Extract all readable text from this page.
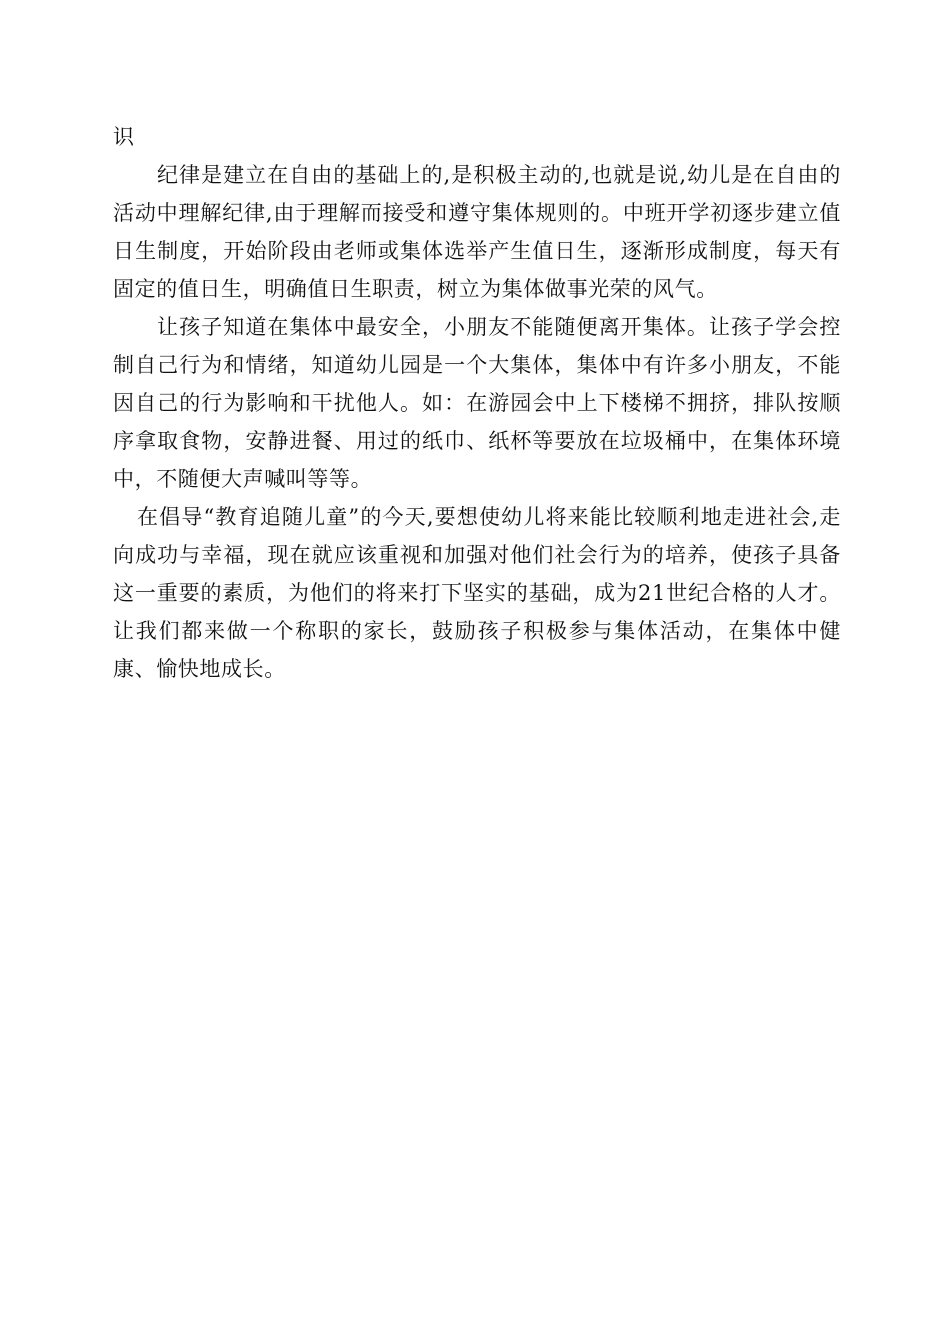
识

纪律是建立在自由的基础上的,是积极主动的,也就是说,幼儿是在自由的活动中理解纪律,由于理解而接受和遵守集体规则的。中班开学初逐步建立值日生制度，开始阶段由老师或集体选举产生值日生，逐渐形成制度，每天有固定的值日生，明确值日生职责，树立为集体做事光荣的风气。

让孩子知道在集体中最安全，小朋友不能随便离开集体。让孩子学会控制自己行为和情绪，知道幼儿园是一个大集体，集体中有许多小朋友，不能因自己的行为影响和干扰他人。如：在游园会中上下楼梯不拥挤，排队按顺序拿取食物，安静进餐、用过的纸巾、纸杯等要放在垃圾桶中，在集体环境中，不随便大声喊叫等等。

在倡导“教育追随儿童”的今天,要想使幼儿将来能比较顺利地走进社会,走向成功与幸福，现在就应该重视和加强对他们社会行为的培养，使孩子具备这一重要的素质，为他们的将来打下坚实的基础，成为21世纪合格的人才。让我们都来做一个称职的家长，鼓励孩子积极参与集体活动，在集体中健康、愉快地成长。
